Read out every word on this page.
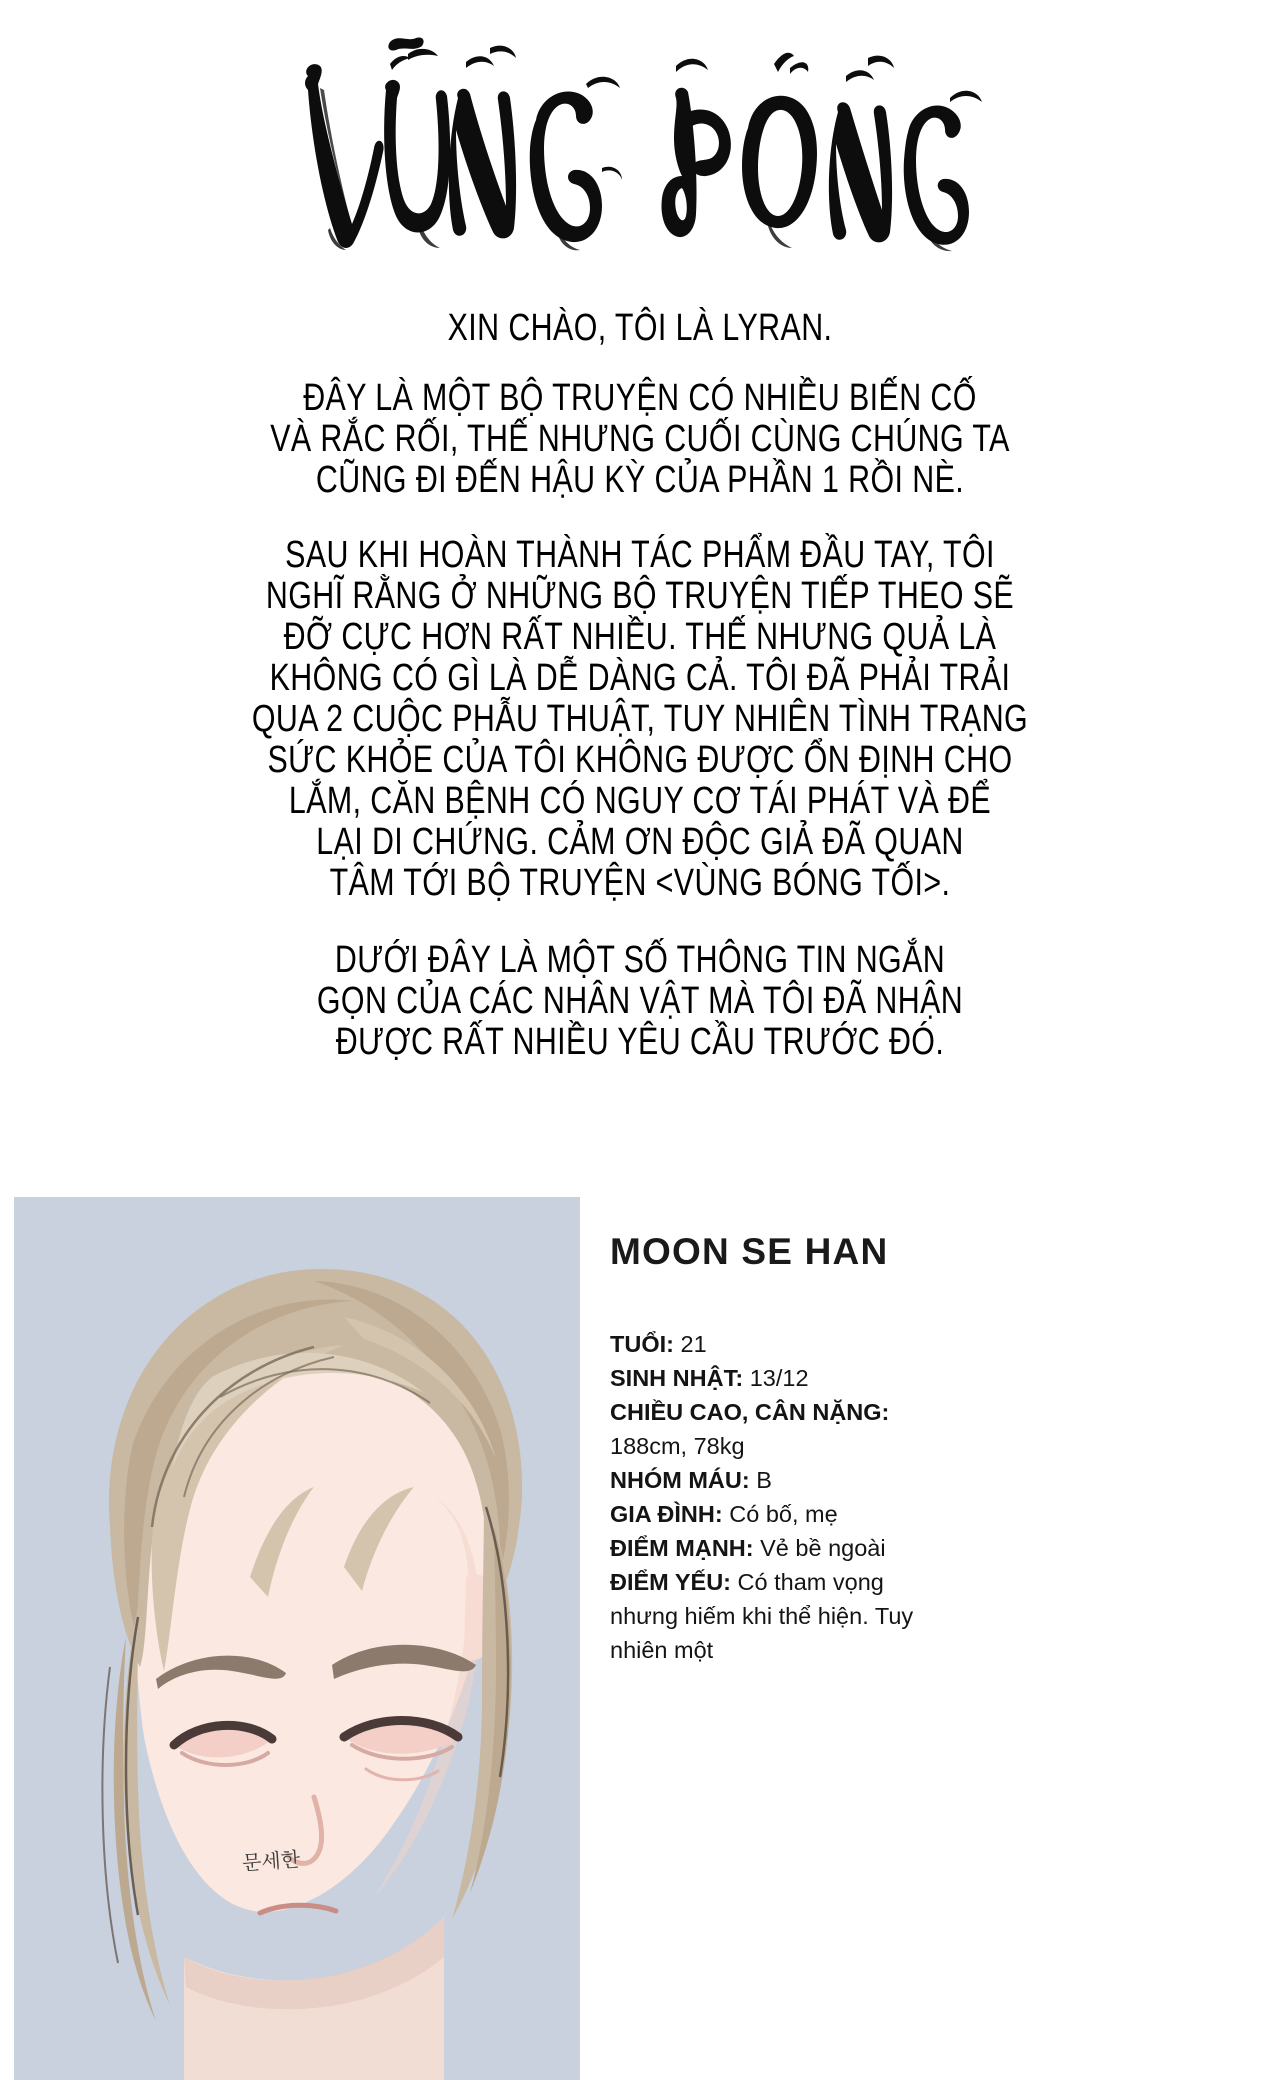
XIN CHÀO, TÔI LÀ LYRAN.
ĐÂY LÀ MỘT BỘ TRUYỆN CÓ NHIỀU BIẾN CỐ
VÀ RẮC RỐI, THẾ NHƯNG CUỐI CÙNG CHÚNG TA
CŨNG ĐI ĐẾN HẬU KỲ CỦA PHẦN 1 RỒI NÈ.
SAU KHI HOÀN THÀNH TÁC PHẨM ĐẦU TAY, TÔI
NGHĨ RẰNG Ở NHỮNG BỘ TRUYỆN TIẾP THEO SẼ
ĐỠ CỰC HƠN RẤT NHIỀU. THẾ NHƯNG QUẢ LÀ
KHÔNG CÓ GÌ LÀ DỄ DÀNG CẢ. TÔI ĐÃ PHẢI TRẢI
QUA 2 CUỘC PHẪU THUẬT, TUY NHIÊN TÌNH TRẠNG
SỨC KHỎE CỦA TÔI KHÔNG ĐƯỢC ỔN ĐỊNH CHO
LẮM, CĂN BỆNH CÓ NGUY CƠ TÁI PHÁT VÀ ĐỂ
LẠI DI CHỨNG. CẢM ƠN ĐỘC GIẢ ĐÃ QUAN
TÂM TỚI BỘ TRUYỆN <VÙNG BÓNG TỐI>.
DƯỚI ĐÂY LÀ MỘT SỐ THÔNG TIN NGẮN
GỌN CỦA CÁC NHÂN VẬT MÀ TÔI ĐÃ NHẬN
ĐƯỢC RẤT NHIỀU YÊU CẦU TRƯỚC ĐÓ.
문세한
MOON SE HAN

TUỔI: 21

SINH NHẬT: 13/12

CHIỀU CAO, CÂN NẶNG: 188cm, 78kg

NHÓM MÁU: B

GIA ĐÌNH: Có bố, mẹ

ĐIỂM MẠNH: Vẻ bề ngoài

ĐIỂM YẾU: Có tham vọng nhưng hiếm khi thể hiện. Tuy nhiên một
